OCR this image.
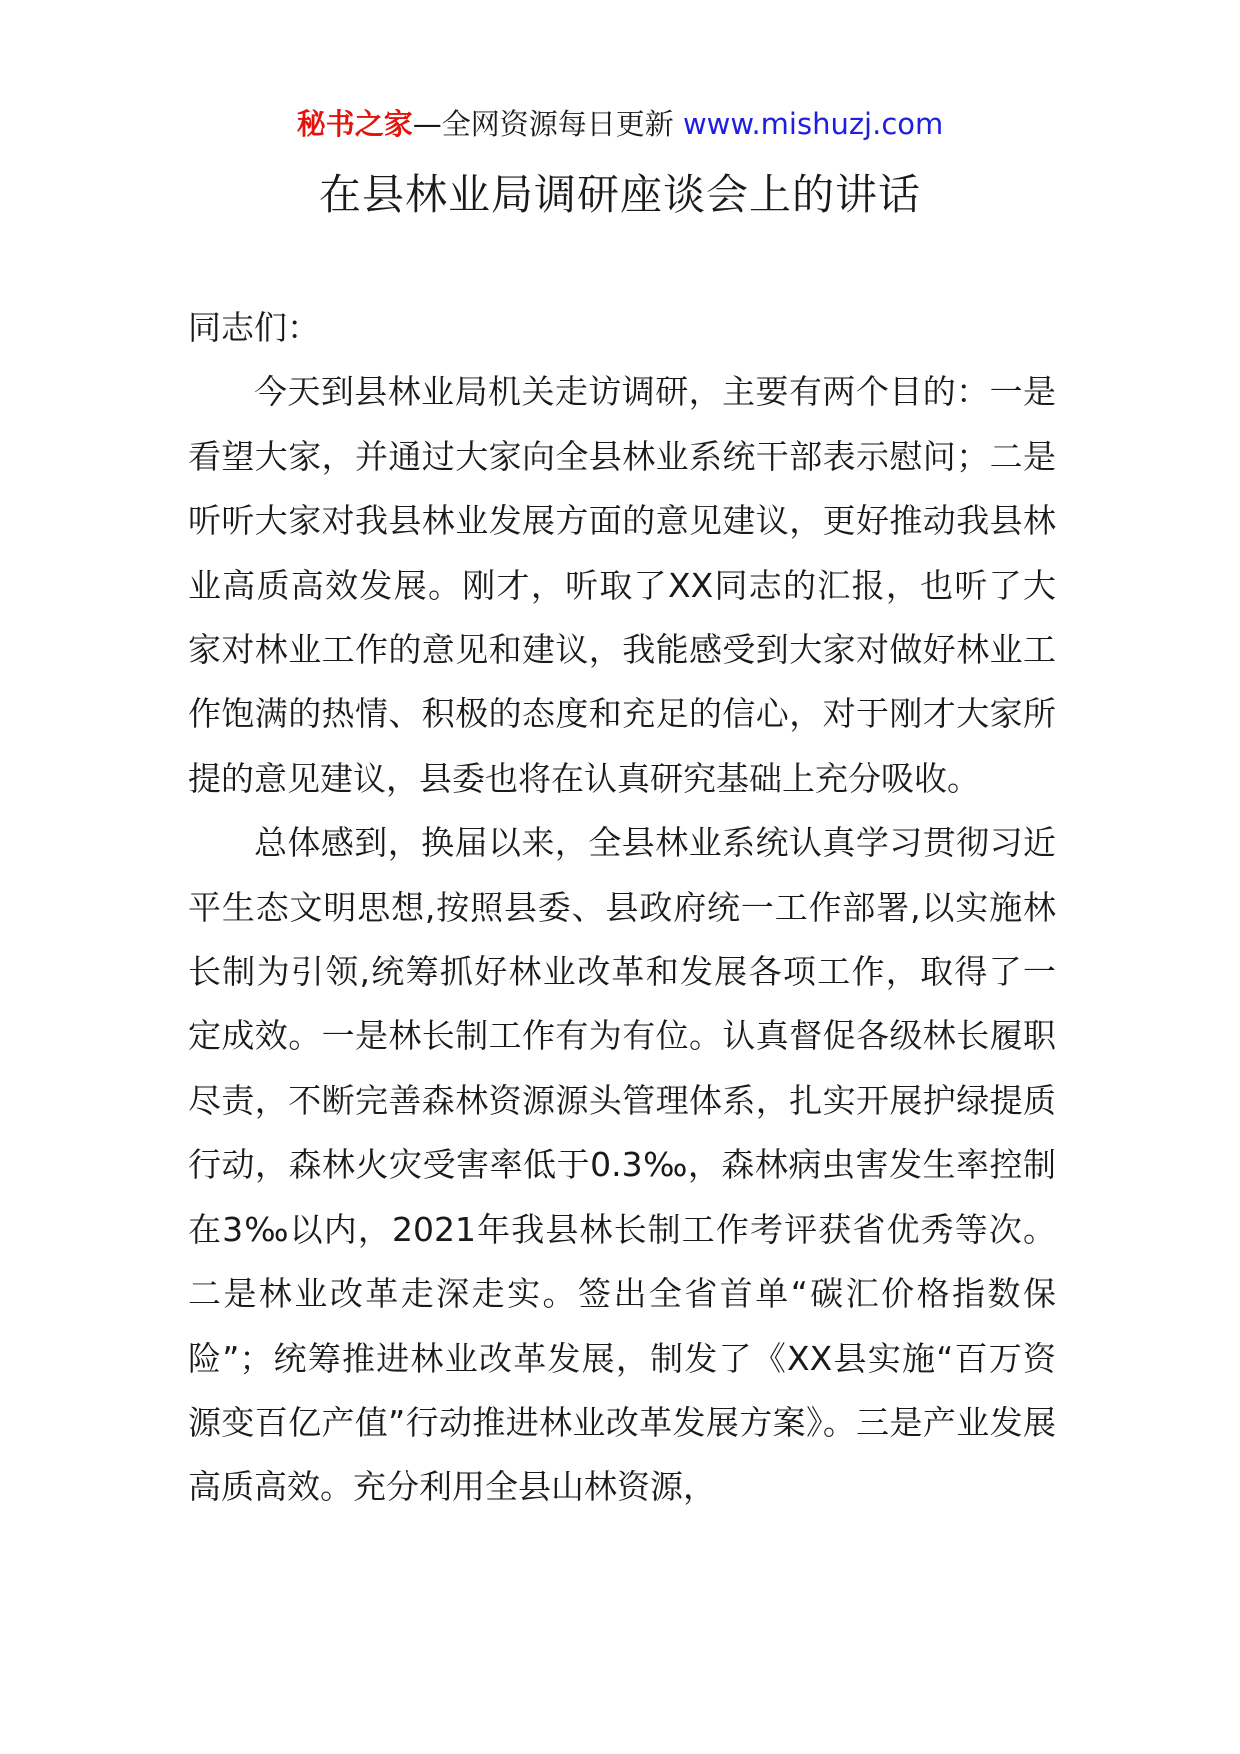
秘书之家—全网资源每日更新 www.mishuzj.com
在县林业局调研座谈会上的讲话

同志们：

今天到县林业局机关走访调研，主要有两个目的：一是看望大家，并通过大家向全县林业系统干部表示慰问；二是听听大家对我县林业发展方面的意见建议，更好推动我县林业高质高效发展。刚才，听取了XX同志的汇报，也听了大家对林业工作的意见和建议，我能感受到大家对做好林业工作饱满的热情、积极的态度和充足的信心，对于刚才大家所提的意见建议，县委也将在认真研究基础上充分吸收。

总体感到，换届以来，全县林业系统认真学习贯彻习近平生态文明思想,按照县委、县政府统一工作部署,以实施林长制为引领,统筹抓好林业改革和发展各项工作，取得了一定成效。一是林长制工作有为有位。认真督促各级林长履职尽责，不断完善森林资源源头管理体系，扎实开展护绿提质行动，森林火灾受害率低于0.3‰，森林病虫害发生率控制在3‰以内，2021年我县林长制工作考评获省优秀等次。二是林业改革走深走实。签出全省首单“碳汇价格指数保险”；统筹推进林业改革发展，制发了《XX县实施“百万资源变百亿产值”行动推进林业改革发展方案》。三是产业发展高质高效。充分利用全县山林资源，
